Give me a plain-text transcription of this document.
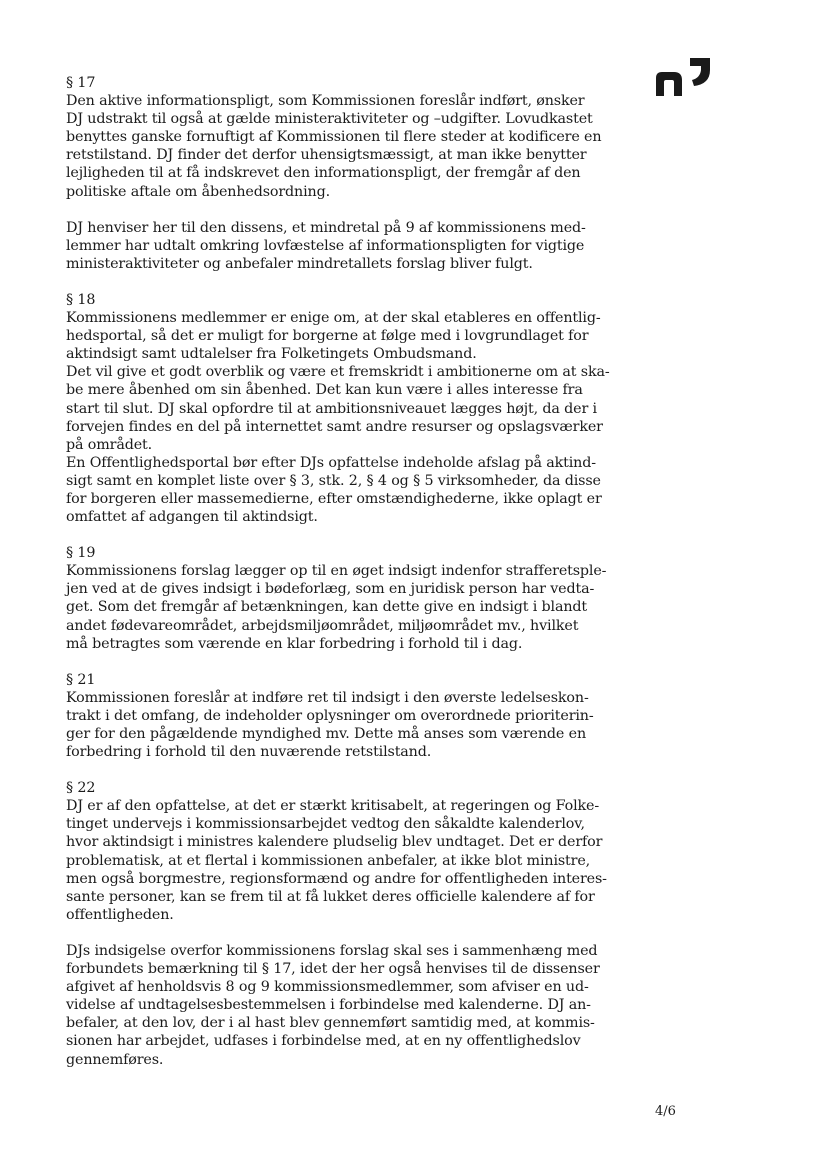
§ 17
Den aktive informationspligt, som Kommissionen foreslår indført, ønsker
DJ udstrakt til også at gælde ministeraktiviteter og –udgifter. Lovudkastet
benyttes ganske fornuftigt af Kommissionen til flere steder at kodificere en
retstilstand. DJ finder det derfor uhensigtsmæssigt, at man ikke benytter
lejligheden til at få indskrevet den informationspligt, der fremgår af den
politiske aftale om åbenhedsordning.
DJ henviser her til den dissens, et mindretal på 9 af kommissionens med-
lemmer har udtalt omkring lovfæstelse af informationspligten for vigtige
ministeraktiviteter og anbefaler mindretallets forslag bliver fulgt.
§ 18
Kommissionens medlemmer er enige om, at der skal etableres en offentlig-
hedsportal, så det er muligt for borgerne at følge med i lovgrundlaget for
aktindsigt samt udtalelser fra Folketingets Ombudsmand.
Det vil give et godt overblik og være et fremskridt i ambitionerne om at ska-
be mere åbenhed om sin åbenhed. Det kan kun være i alles interesse fra
start til slut. DJ skal opfordre til at ambitionsniveauet lægges højt, da der i
forvejen findes en del på internettet samt andre resurser og opslagsværker
på området.
En Offentlighedsportal bør efter DJs opfattelse indeholde afslag på aktind-
sigt samt en komplet liste over § 3, stk. 2, § 4 og § 5 virksomheder, da disse
for borgeren eller massemedierne, efter omstændighederne, ikke oplagt er
omfattet af adgangen til aktindsigt.
§ 19
Kommissionens forslag lægger op til en øget indsigt indenfor strafferetsple-
jen ved at de gives indsigt i bødeforlæg, som en juridisk person har vedta-
get. Som det fremgår af betænkningen, kan dette give en indsigt i blandt
andet fødevareområdet, arbejdsmiljøområdet, miljøområdet mv., hvilket
må betragtes som værende en klar forbedring i forhold til i dag.
§ 21
Kommissionen foreslår at indføre ret til indsigt i den øverste ledelseskon-
trakt i det omfang, de indeholder oplysninger om overordnede prioriterin-
ger for den pågældende myndighed mv. Dette må anses som værende en
forbedring i forhold til den nuværende retstilstand.
§ 22
DJ er af den opfattelse, at det er stærkt kritisabelt, at regeringen og Folke-
tinget undervejs i kommissionsarbejdet vedtog den såkaldte kalenderlov,
hvor aktindsigt i ministres kalendere pludselig blev undtaget. Det er derfor
problematisk, at et flertal i kommissionen anbefaler, at ikke blot ministre,
men også borgmestre, regionsformænd og andre for offentligheden interes-
sante personer, kan se frem til at få lukket deres officielle kalendere af for
offentligheden.
DJs indsigelse overfor kommissionens forslag skal ses i sammenhæng med
forbundets bemærkning til § 17, idet der her også henvises til de dissenser
afgivet af henholdsvis 8 og 9 kommissionsmedlemmer, som afviser en ud-
videlse af undtagelsesbestemmelsen i forbindelse med kalenderne. DJ an-
befaler, at den lov, der i al hast blev gennemført samtidig med, at kommis-
sionen har arbejdet, udfases i forbindelse med, at en ny offentlighedslov
gennemføres.
4/6
